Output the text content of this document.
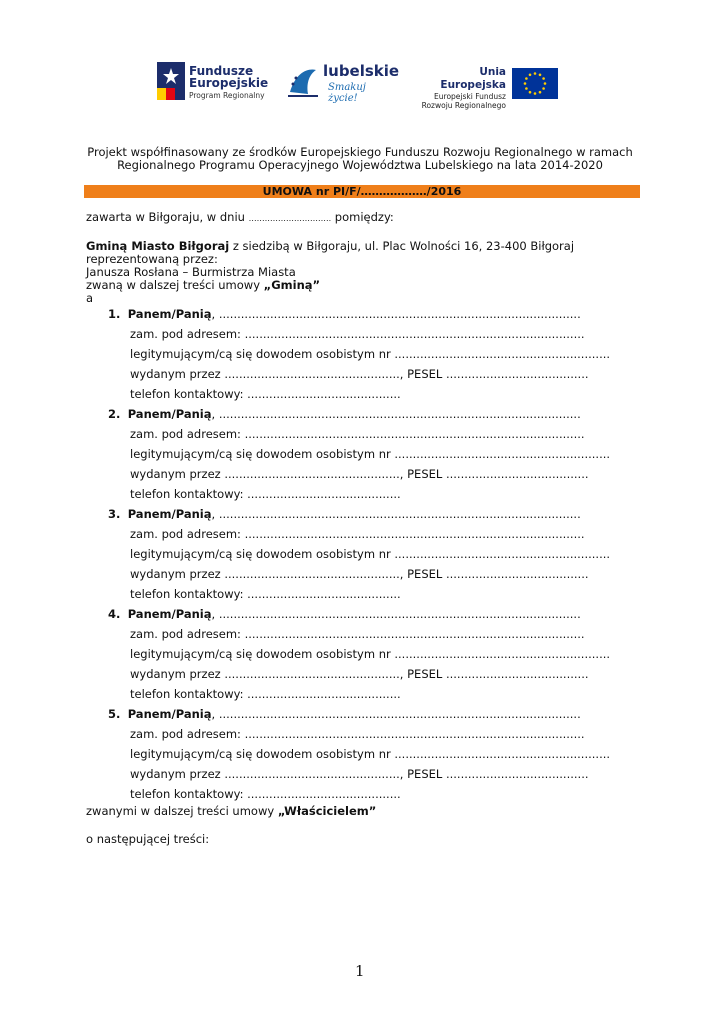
Fundusze
Europejskie
Program Regionalny
lubelskie
Smakuj życie!
Unia Europejska
Europejski Fundusz
Rozwoju Regionalnego
Projekt współfinasowany ze środków Europejskiego Funduszu Rozwoju Regionalnego w ramach
Regionalnego Programu Operacyjnego Województwa Lubelskiego na lata 2014-2020
UMOWA nr PI/F/………………/2016
zawarta w Biłgoraju, w dniu …………………………. pomiędzy:
Gminą Miasto Biłgoraj z siedzibą w Biłgoraju, ul. Plac Wolności 16, 23-400 Biłgoraj
reprezentowaną przez:
Janusza Rosłana – Burmistrza Miasta
zwaną w dalszej treści umowy „Gminą”
a
1. Panem/Panią, ...................................................................................................
zam. pod adresem: .............................................................................................
legitymującym/cą się dowodem osobistym nr ...........................................................
wydanym przez ................................................, PESEL .......................................
telefon kontaktowy: ..........................................
2. Panem/Panią, ...................................................................................................
zam. pod adresem: .............................................................................................
legitymującym/cą się dowodem osobistym nr ...........................................................
wydanym przez ................................................, PESEL .......................................
telefon kontaktowy: ..........................................
3. Panem/Panią, ...................................................................................................
zam. pod adresem: .............................................................................................
legitymującym/cą się dowodem osobistym nr ...........................................................
wydanym przez ................................................, PESEL .......................................
telefon kontaktowy: ..........................................
4. Panem/Panią, ...................................................................................................
zam. pod adresem: .............................................................................................
legitymującym/cą się dowodem osobistym nr ...........................................................
wydanym przez ................................................, PESEL .......................................
telefon kontaktowy: ..........................................
5. Panem/Panią, ...................................................................................................
zam. pod adresem: .............................................................................................
legitymującym/cą się dowodem osobistym nr ...........................................................
wydanym przez ................................................, PESEL .......................................
telefon kontaktowy: ..........................................
zwanymi w dalszej treści umowy „Właścicielem”
o następującej treści:
1
